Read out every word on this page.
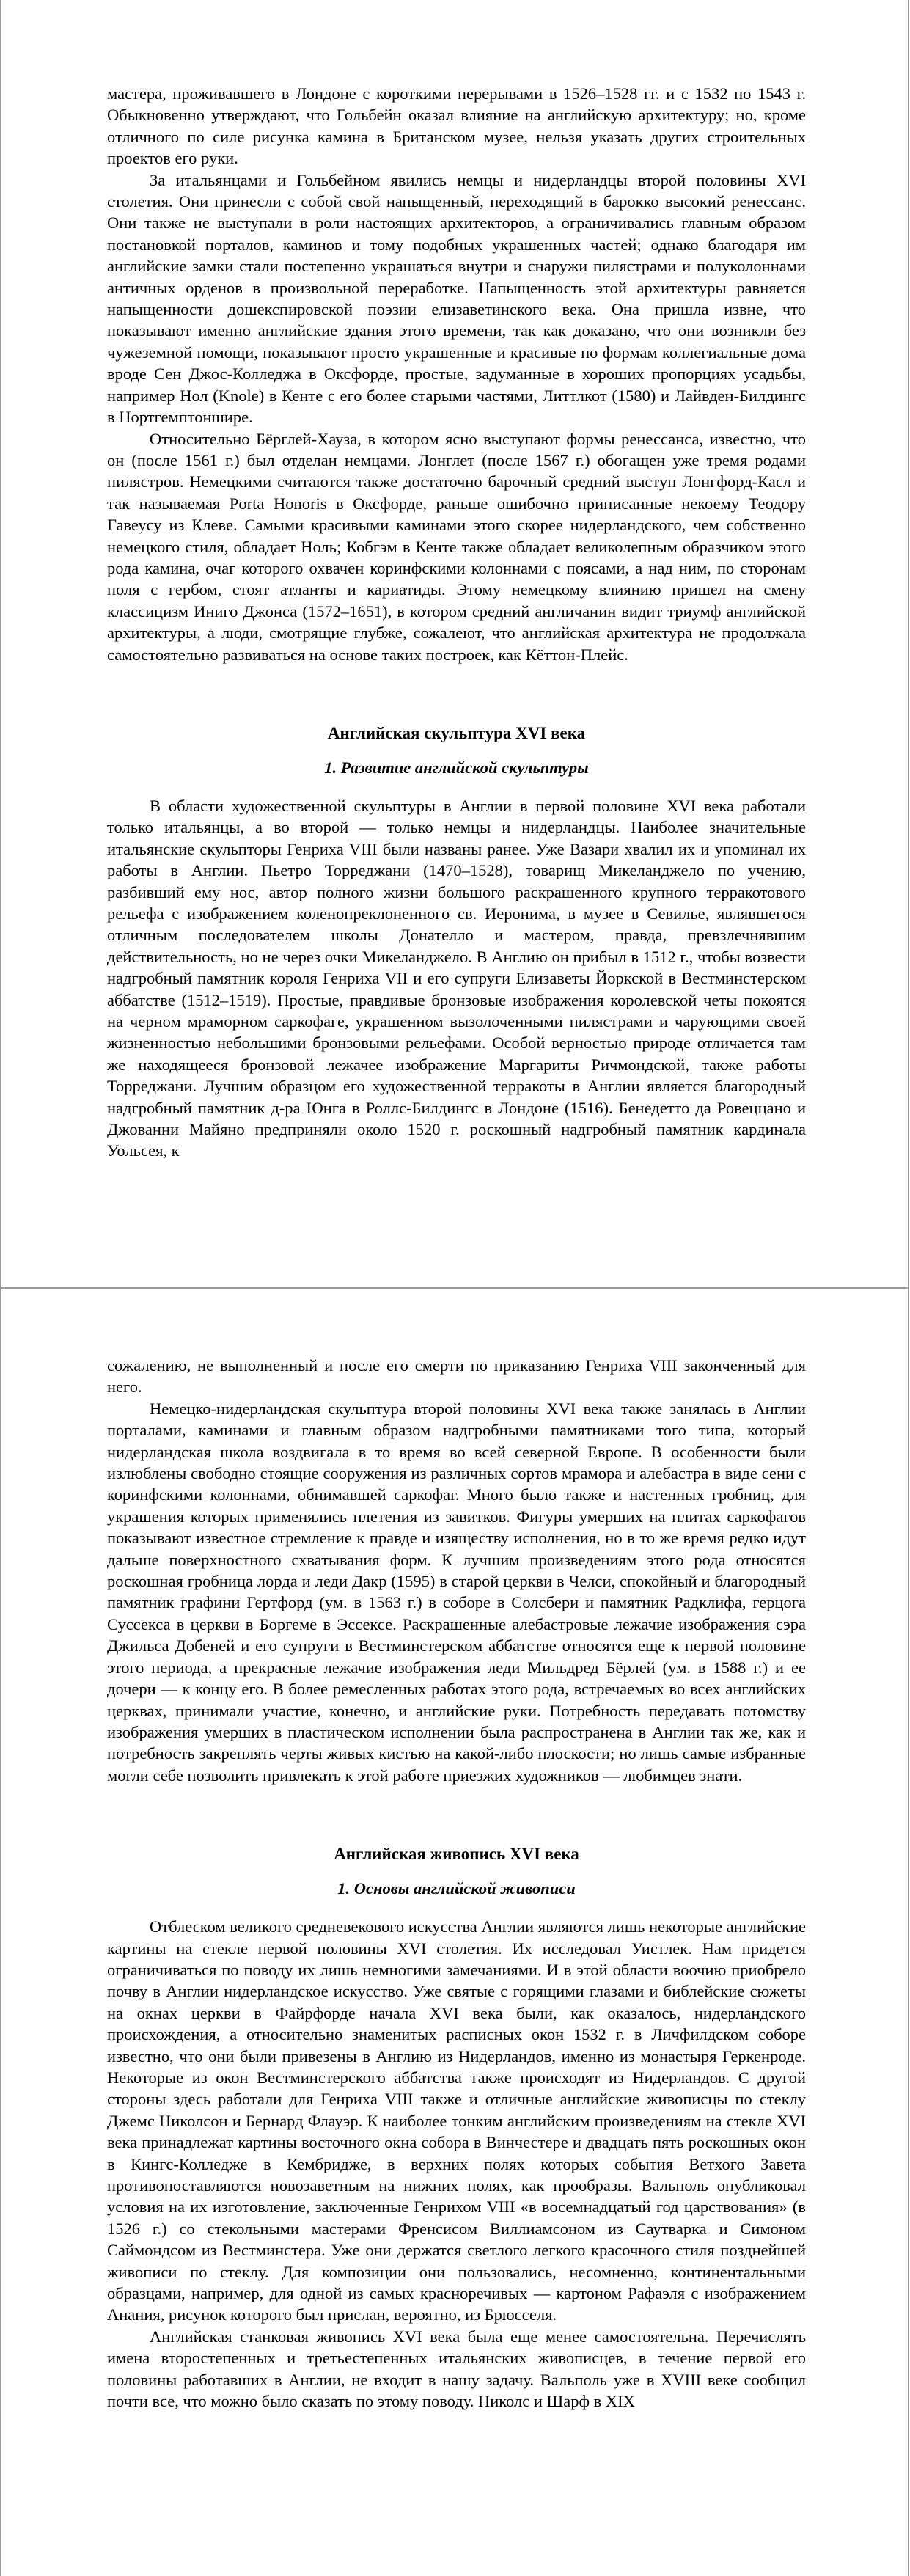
мастера, проживавшего в Лондоне с короткими перерывами в 1526–1528 гг. и с 1532 по 1543 г. Обыкновенно утверждают, что Гольбейн оказал влияние на английскую архитектуру; но, кроме отличного по силе рисунка камина в Британском музее, нельзя указать других строительных проектов его руки.

За итальянцами и Гольбейном явились немцы и нидерландцы второй половины XVI столетия. Они принесли с собой свой напыщенный, переходящий в барокко высокий ренессанс. Они также не выступали в роли настоящих архитекторов, а ограничивались главным образом постановкой порталов, каминов и тому подобных украшенных частей; однако благодаря им английские замки стали постепенно украшаться внутри и снаружи пилястрами и полуколоннами античных орденов в произвольной переработке. Напыщенность этой архитектуры равняется напыщенности дошекспировской поэзии елизаветинского века. Она пришла извне, что показывают именно английские здания этого времени, так как доказано, что они возникли без чужеземной помощи, показывают просто украшенные и красивые по формам коллегиальные дома вроде Сен Джос-Колледжа в Оксфорде, простые, задуманные в хороших пропорциях усадьбы, например Нол (Knole) в Кенте с его более старыми частями, Литтлкот (1580) и Лайвден-Билдингс в Нортгемптоншире.

Относительно Бёрглей-Хауза, в котором ясно выступают формы ренессанса, известно, что он (после 1561 г.) был отделан немцами. Лонглет (после 1567 г.) обогащен уже тремя родами пилястров. Немецкими считаются также достаточно барочный средний выступ Лонгфорд-Касл и так называемая Porta Honoris в Оксфорде, раньше ошибочно приписанные некоему Теодору Гавеусу из Клеве. Самыми красивыми каминами этого скорее нидерландского, чем собственно немецкого стиля, обладает Ноль; Кобгэм в Кенте также обладает великолепным образчиком этого рода камина, очаг которого охвачен коринфскими колоннами с поясами, а над ним, по сторонам поля с гербом, стоят атланты и кариатиды. Этому немецкому влиянию пришел на смену классицизм Иниго Джонса (1572–1651), в котором средний англичанин видит триумф английской архитектуры, а люди, смотрящие глубже, сожалеют, что английская архитектура не продолжала самостоятельно развиваться на основе таких построек, как Кёттон-Плейс.

Английская скульптура XVI века
1. Развитие английской скульптуры

В области художественной скульптуры в Англии в первой половине XVI века работали только итальянцы, а во второй — только немцы и нидерландцы. Наиболее значительные итальянские скульпторы Генриха VIII были названы ранее. Уже Вазари хвалил их и упоминал их работы в Англии. Пьетро Торреджани (1470–1528), товарищ Микеланджело по учению, разбивший ему нос, автор полного жизни большого раскрашенного крупного терракотового рельефа с изображением коленопреклоненного св. Иеронима, в музее в Севилье, являвшегося отличным последователем школы Донателло и мастером, правда, превзлечнявшим действительность, но не через очки Микеланджело. В Англию он прибыл в 1512 г., чтобы возвести надгробный памятник короля Генриха VII и его супруги Елизаветы Йоркской в Вестминстерском аббатстве (1512–1519). Простые, правдивые бронзовые изображения королевской четы покоятся на черном мраморном саркофаге, украшенном вызолоченными пилястрами и чарующими своей жизненностью небольшими бронзовыми рельефами. Особой верностью природе отличается там же находящееся бронзовой лежачее изображение Маргариты Ричмондской, также работы Торреджани. Лучшим образцом его художественной терракоты в Англии является благородный надгробный памятник д-ра Юнга в Роллс-Билдингс в Лондоне (1516). Бенедетто да Ровеццано и Джованни Майяно предприняли около 1520 г. роскошный надгробный памятник кардинала Уольсея, к

сожалению, не выполненный и после его смерти по приказанию Генриха VIII законченный для него.

Немецко-нидерландская скульптура второй половины XVI века также занялась в Англии порталами, каминами и главным образом надгробными памятниками того типа, который нидерландская школа воздвигала в то время во всей северной Европе. В особенности были излюблены свободно стоящие сооружения из различных сортов мрамора и алебастра в виде сени с коринфскими колоннами, обнимавшей саркофаг. Много было также и настенных гробниц, для украшения которых применялись плетения из завитков. Фигуры умерших на плитах саркофагов показывают известное стремление к правде и изяществу исполнения, но в то же время редко идут дальше поверхностного схватывания форм. К лучшим произведениям этого рода относятся роскошная гробница лорда и леди Дакр (1595) в старой церкви в Челси, спокойный и благородный памятник графини Гертфорд (ум. в 1563 г.) в соборе в Солсбери и памятник Радклифа, герцога Суссекса в церкви в Боргеме в Эссексе. Раскрашенные алебастровые лежачие изображения сэра Джильса Добеней и его супруги в Вестминстерском аббатстве относятся еще к первой половине этого периода, а прекрасные лежачие изображения леди Мильдред Бёрлей (ум. в 1588 г.) и ее дочери — к концу его. В более ремесленных работах этого рода, встречаемых во всех английских церквах, принимали участие, конечно, и английские руки. Потребность передавать потомству изображения умерших в пластическом исполнении была распространена в Англии так же, как и потребность закреплять черты живых кистью на какой-либо плоскости; но лишь самые избранные могли себе позволить привлекать к этой работе приезжих художников — любимцев знати.

Английская живопись XVI века
1. Основы английской живописи

Отблеском великого средневекового искусства Англии являются лишь некоторые английские картины на стекле первой половины XVI столетия. Их исследовал Уистлек. Нам придется ограничиваться по поводу их лишь немногими замечаниями. И в этой области воочию приобрело почву в Англии нидерландское искусство. Уже святые с горящими глазами и библейские сюжеты на окнах церкви в Файрфорде начала XVI века были, как оказалось, нидерландского происхождения, а относительно знаменитых расписных окон 1532 г. в Личфилдском соборе известно, что они были привезены в Англию из Нидерландов, именно из монастыря Геркенроде. Некоторые из окон Вестминстерского аббатства также происходят из Нидерландов. С другой стороны здесь работали для Генриха VIII также и отличные английские живописцы по стеклу Джемс Николсон и Бернард Флауэр. К наиболее тонким английским произведениям на стекле XVI века принадлежат картины восточного окна собора в Винчестере и двадцать пять роскошных окон в Кингс-Колледже в Кембридже, в верхних полях которых события Ветхого Завета противопоставляются новозаветным на нижних полях, как прообразы. Вальполь опубликовал условия на их изготовление, заключенные Генрихом VIII «в восемнадцатый год царствования» (в 1526 г.) со стекольными мастерами Френсисом Виллиамсоном из Саутварка и Симоном Саймондсом из Вестминстера. Уже они держатся светлого легкого красочного стиля позднейшей живописи по стеклу. Для композиции они пользовались, несомненно, континентальными образцами, например, для одной из самых красноречивых — картоном Рафаэля с изображением Анания, рисунок которого был прислан, вероятно, из Брюсселя.

Английская станковая живопись XVI века была еще менее самостоятельна. Перечислять имена второстепенных и третьестепенных итальянских живописцев, в течение первой его половины работавших в Англии, не входит в нашу задачу. Вальполь уже в XVIII веке сообщил почти все, что можно было сказать по этому поводу. Николс и Шарф в XIX
